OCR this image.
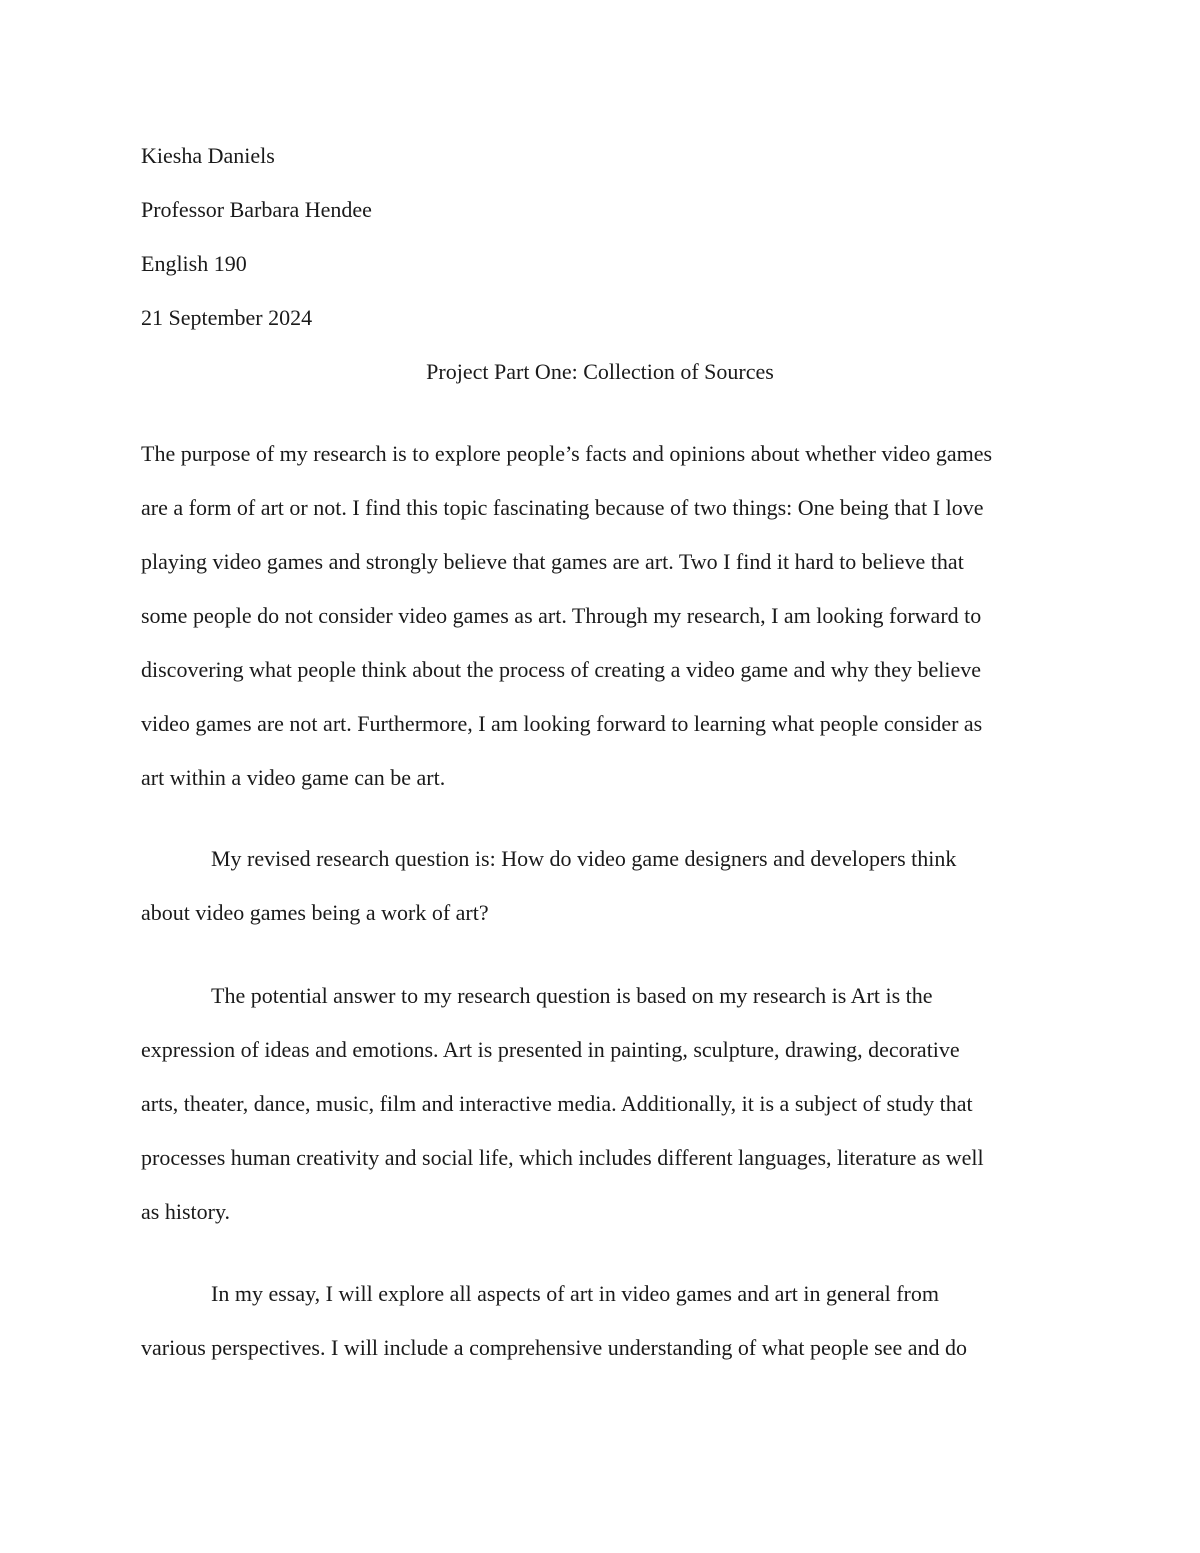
Kiesha Daniels
Professor Barbara Hendee
English 190
21 September 2024
Project Part One: Collection of Sources
The purpose of my research is to explore people’s facts and opinions about whether video games
are a form of art or not. I find this topic fascinating because of two things: One being that I love
playing video games and strongly believe that games are art. Two I find it hard to believe that
some people do not consider video games as art. Through my research, I am looking forward to
discovering what people think about the process of creating a video game and why they believe
video games are not art. Furthermore, I am looking forward to learning what people consider as
art within a video game can be art.
My revised research question is: How do video game designers and developers think
about video games being a work of art?
The potential answer to my research question is based on my research is Art is the
expression of ideas and emotions. Art is presented in painting, sculpture, drawing, decorative
arts, theater, dance, music, film and interactive media. Additionally, it is a subject of study that
processes human creativity and social life, which includes different languages, literature as well
as history.
In my essay, I will explore all aspects of art in video games and art in general from
various perspectives. I will include a comprehensive understanding of what people see and do
